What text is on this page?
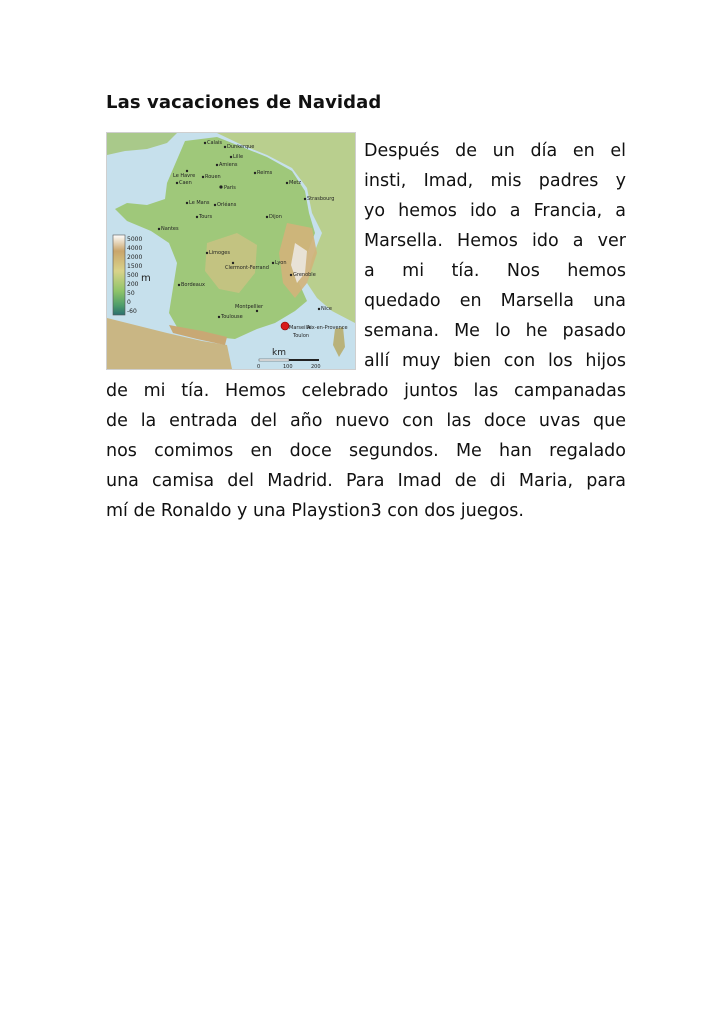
Las vacaciones de Navidad
5000
4000
2000
1500
500
200
50
0
-60
m
Calais
Dunkerque
Lille
Le Havre
Amiens
Rouen
Reims
Caen
Paris
Metz
Strasbourg
Le Mans Orléans
Tours
Nantes
Dijon
Limoges
Clermont-Ferrand
Lyon
Grenoble
Bordeaux
Toulouse
Montpellier	Nice
Marseille
Aix-en-Provence
Toulon
km
0	100	200
Después de un día en el
insti, Imad, mis padres y
yo hemos ido a Francia, a
Marsella. Hemos ido a ver
a mi tía. Nos hemos
quedado en Marsella una
semana. Me lo he pasado
allí muy bien con los hijos
de mi tía. Hemos celebrado juntos las campanadas
de la entrada del año nuevo con las doce uvas que
nos comimos en doce segundos. Me han regalado
una camisa del Madrid. Para Imad de di Maria, para
mí de Ronaldo y una Playstion3 con dos juegos.
